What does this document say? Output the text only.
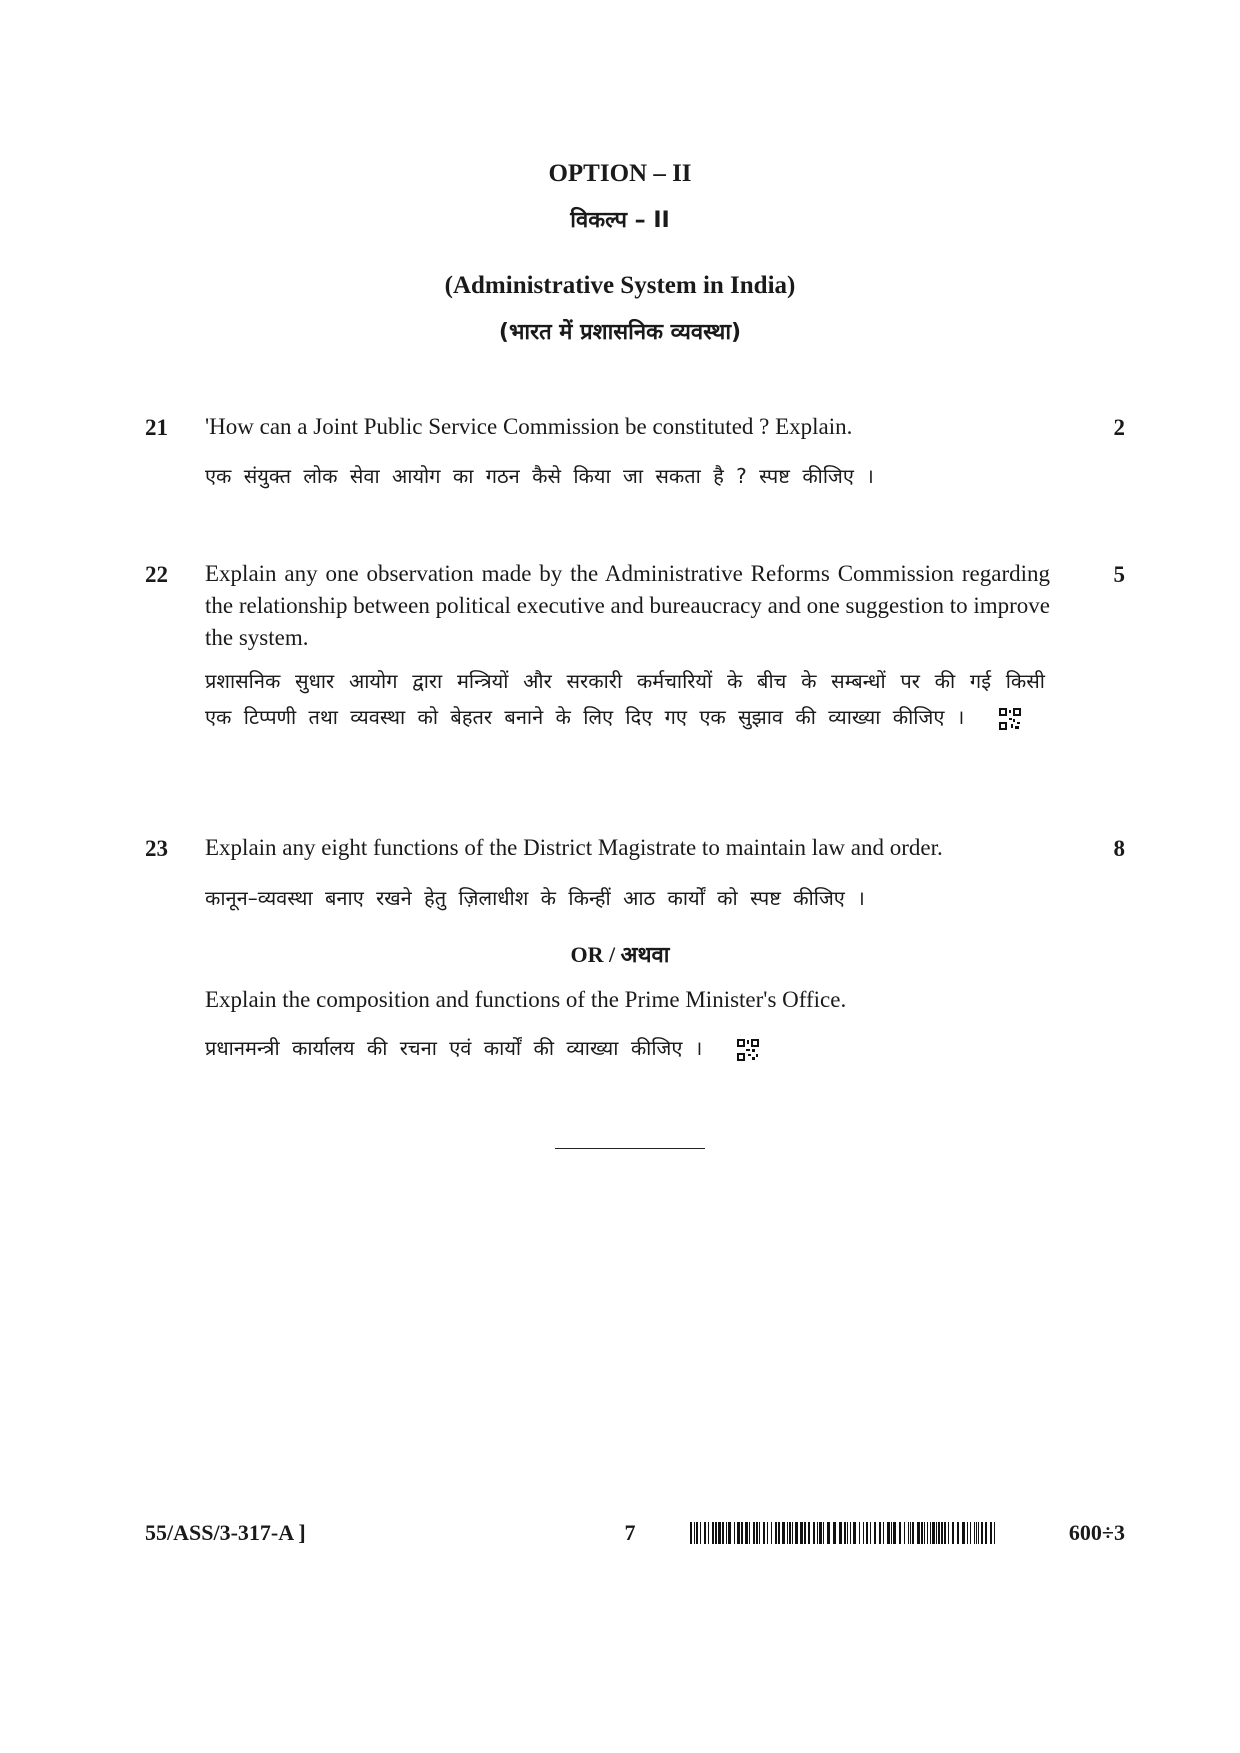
OPTION – II
विकल्प – II
(Administrative System in India)
(भारत में प्रशासनिक व्यवस्था)
21 'How can a Joint Public Service Commission be constituted ? Explain.	2
एक संयुक्त लोक सेवा आयोग का गठन कैसे किया जा सकता है ? स्पष्ट कीजिए ।
22 Explain any one observation made by the Administrative Reforms Commission regarding the relationship between political executive and bureaucracy and one suggestion to improve the system.
5
प्रशासनिक सुधार आयोग द्वारा मन्त्रियों और सरकारी कर्मचारियों के बीच के सम्बन्धों पर की गई किसी एक टिप्पणी तथा व्यवस्था को बेहतर बनाने के लिए दिए गए एक सुझाव की व्याख्या कीजिए ।
23 Explain any eight functions of the District Magistrate to maintain law and order.	8
कानून–व्यवस्था बनाए रखने हेतु ज़िलाधीश के किन्हीं आठ कार्यों को स्पष्ट कीजिए ।
OR / अथवा
Explain the composition and functions of the Prime Minister's Office.
प्रधानमन्त्री कार्यालय की रचना एवं कार्यों की व्याख्या कीजिए ।
55/ASS/3-317-A ]	7	600÷3
